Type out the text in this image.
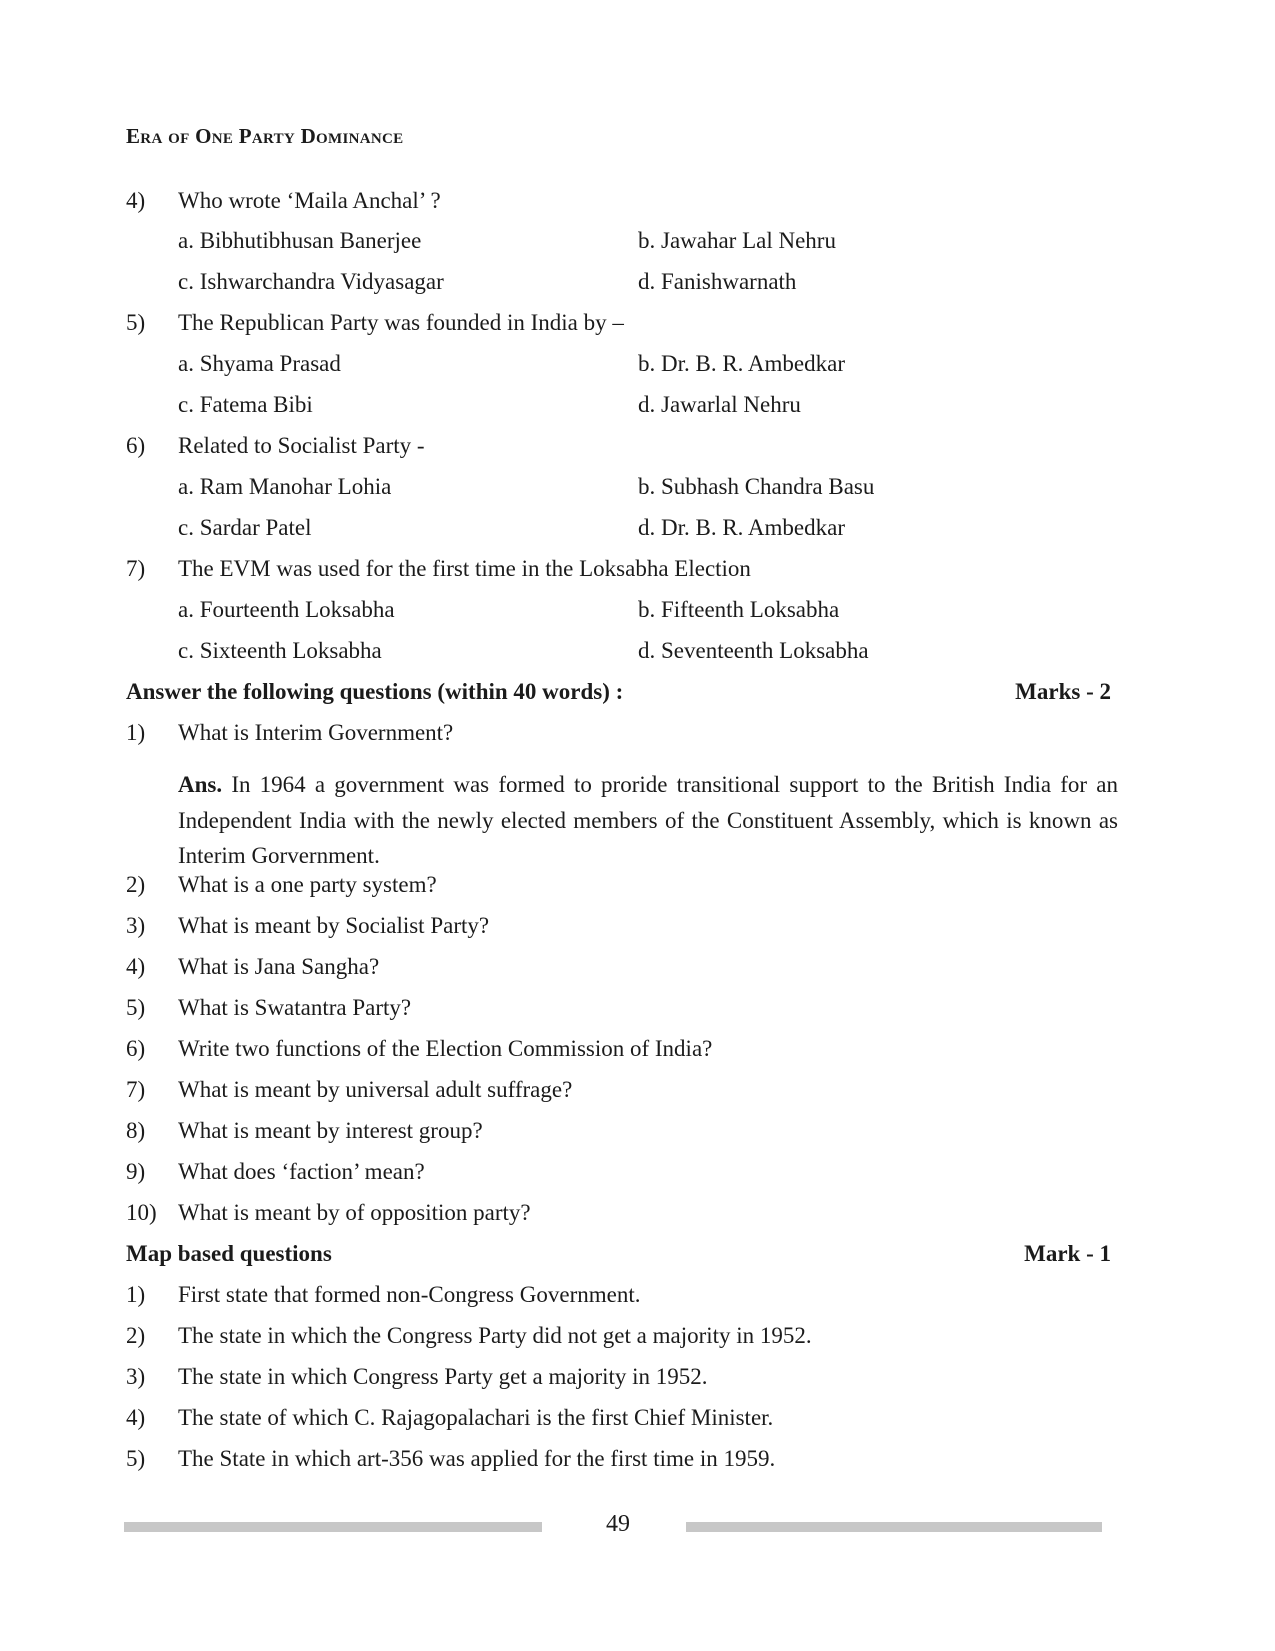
Era of One Party Dominance
4) Who wrote ‘Maila Anchal’ ?
a. Bibhutibhusan Banerjee	b. Jawahar Lal Nehru
c. Ishwarchandra Vidyasagar	d. Fanishwarnath
5) The Republican Party was founded in India by –
a. Shyama Prasad	b. Dr. B. R. Ambedkar
c. Fatema Bibi	d. Jawarlal Nehru
6) Related to Socialist Party -
a. Ram Manohar Lohia	b. Subhash Chandra Basu
c. Sardar Patel	d. Dr. B. R. Ambedkar
7) The EVM was used for the first time in the Loksabha Election
a. Fourteenth Loksabha	b. Fifteenth Loksabha
c. Sixteenth Loksabha	d. Seventeenth Loksabha
Answer the following questions (within 40 words) :	Marks - 2
1) What is Interim Government?
Ans. In 1964 a government was formed to proride transitional support to the British India for an Independent India with the newly elected members of the Constituent Assembly, which is known as Interim Gorvernment.
2) What is a one party system?
3) What is meant by Socialist Party?
4) What is Jana Sangha?
5) What is Swatantra Party?
6) Write two functions of the Election Commission of India?
7) What is meant by universal adult suffrage?
8) What is meant by interest group?
9) What does ‘faction’ mean?
10) What is meant by of opposition party?
Map based questions	Mark - 1
1) First state that formed non-Congress Government.
2) The state in which the Congress Party did not get a majority in 1952.
3) The state in which Congress Party get a majority in 1952.
4) The state of which C. Rajagopalachari is the first Chief Minister.
5) The State in which art-356 was applied for the first time in 1959.
49
